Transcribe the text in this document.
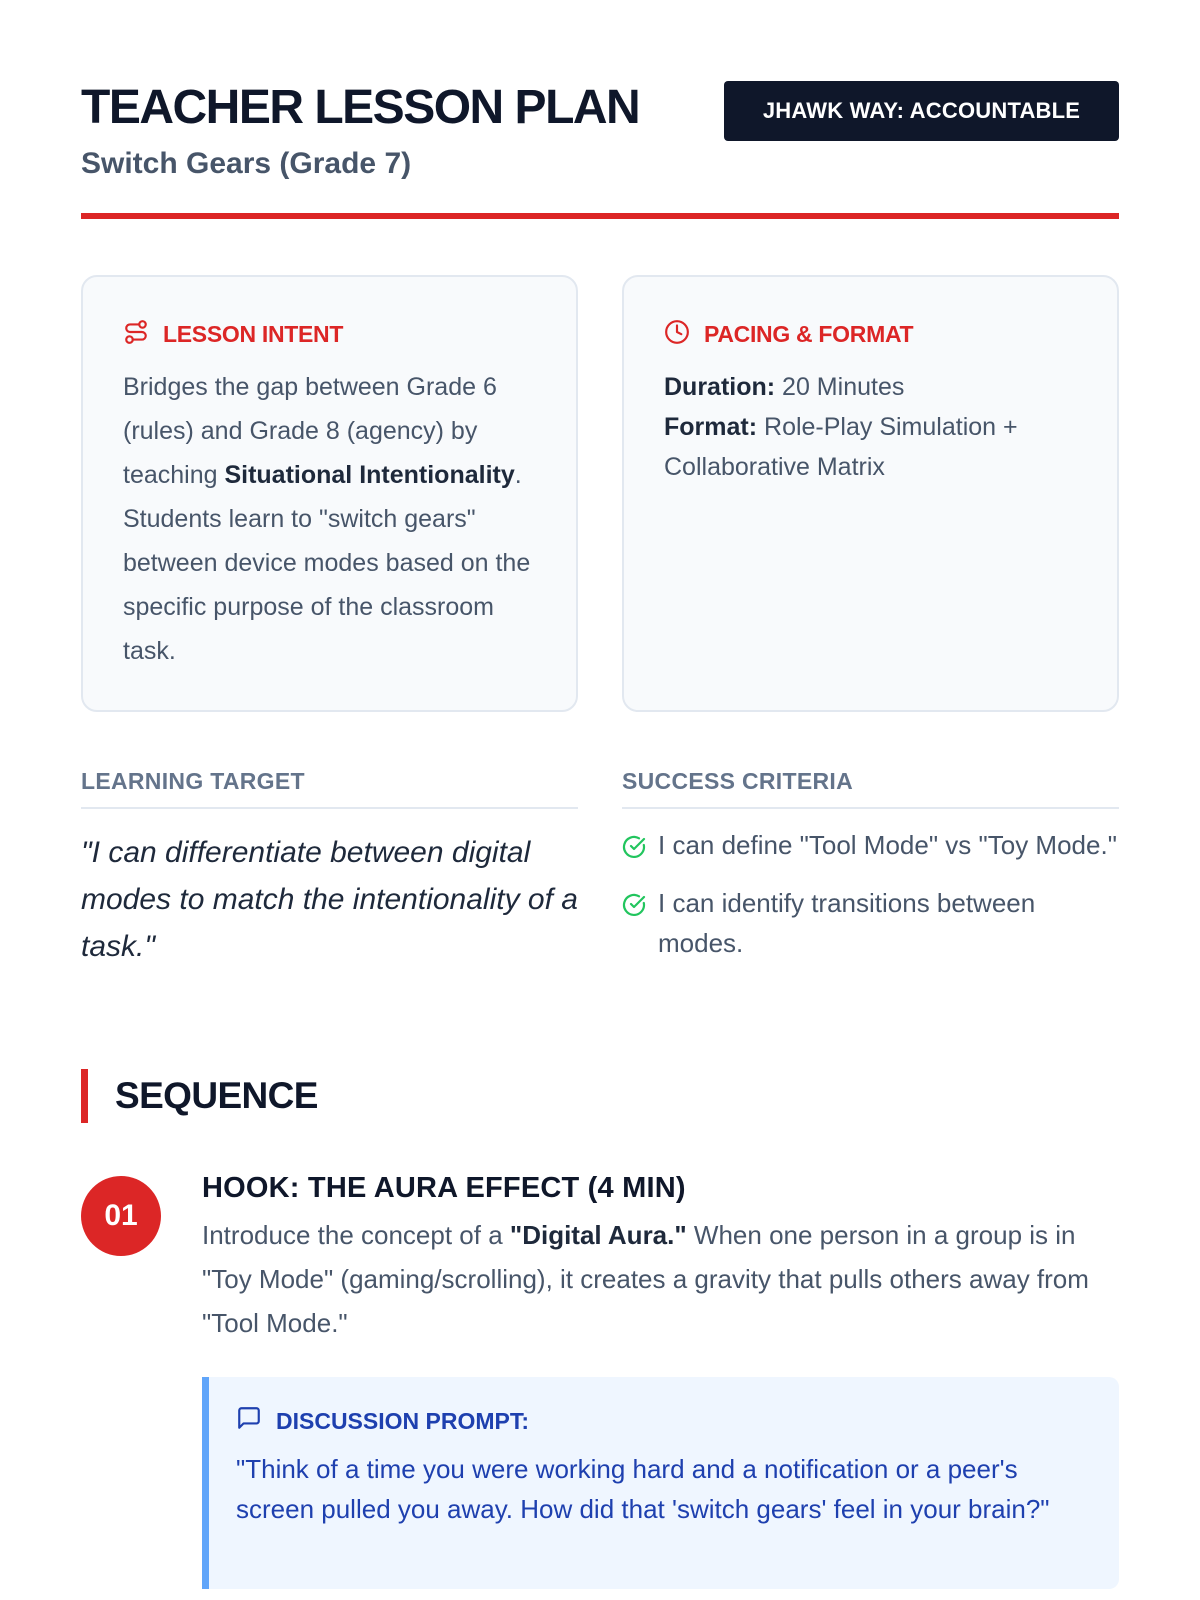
TEACHER LESSON PLAN
Switch Gears (Grade 7)
JHAWK WAY: ACCOUNTABLE
LESSON INTENT

Bridges the gap between Grade 6 (rules) and Grade 8 (agency) by teaching Situational Intentionality. Students learn to "switch gears" between device modes based on the specific purpose of the classroom task.

PACING & FORMAT
Duration: 20 Minutes
Format: Role-Play Simulation + Collaborative Matrix
LEARNING TARGET

"I can differentiate between digital modes to match the intentionality of a task."

SUCCESS CRITERIA
I can define "Tool Mode" vs "Toy Mode."
I can identify transitions between modes.
SEQUENCE
01
HOOK: THE AURA EFFECT (4 MIN)

Introduce the concept of a "Digital Aura." When one person in a group is in "Toy Mode" (gaming/scrolling), it creates a gravity that pulls others away from "Tool Mode."

DISCUSSION PROMPT:

"Think of a time you were working hard and a notification or a peer's screen pulled you away. How did that 'switch gears' feel in your brain?"
